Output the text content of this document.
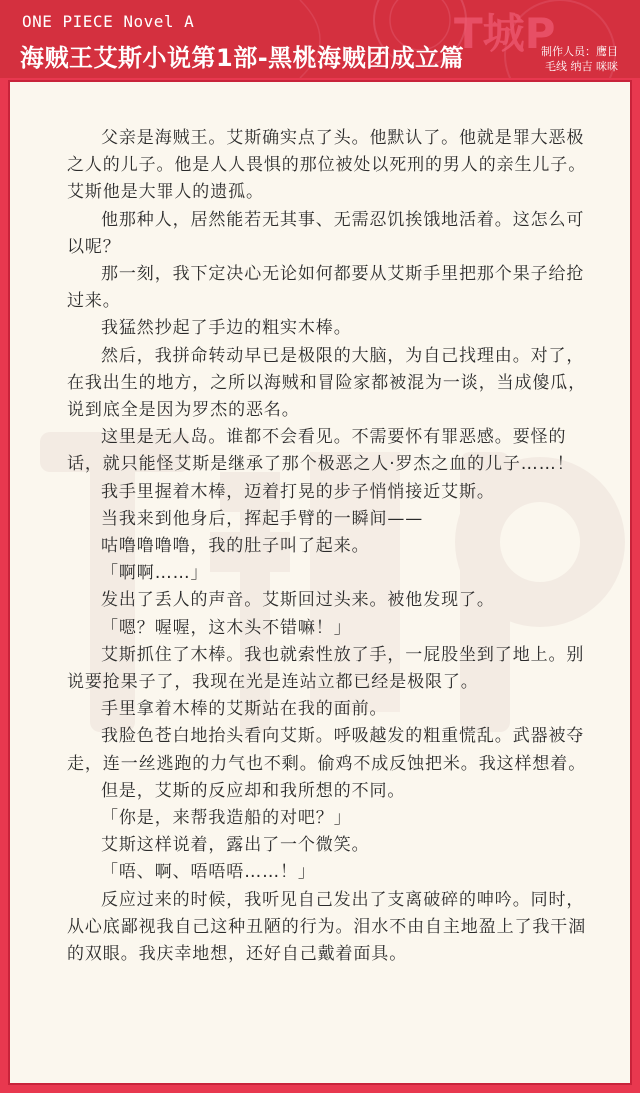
ONE PIECE Novel A
海贼王艾斯小说第1部-黑桃海贼团成立篇
T城P
制作人员：鹰目
毛线 纳吉 咪咪

父亲是海贼王。艾斯确实点了头。他默认了。他就是罪大恶极之人的儿子。他是人人畏惧的那位被处以死刑的男人的亲生儿子。艾斯他是大罪人的遗孤。

他那种人，居然能若无其事、无需忍饥挨饿地活着。这怎么可以呢？

那一刻，我下定决心无论如何都要从艾斯手里把那个果子给抢过来。

我猛然抄起了手边的粗实木棒。

然后，我拼命转动早已是极限的大脑，为自己找理由。对了，在我出生的地方，之所以海贼和冒险家都被混为一谈，当成傻瓜，说到底全是因为罗杰的恶名。

这里是无人岛。谁都不会看见。不需要怀有罪恶感。要怪的话，就只能怪艾斯是继承了那个极恶之人·罗杰之血的儿子……！

我手里握着木棒，迈着打晃的步子悄悄接近艾斯。

当我来到他身后，挥起手臂的一瞬间——

咕噜噜噜噜，我的肚子叫了起来。

「啊啊……」

发出了丢人的声音。艾斯回过头来。被他发现了。

「嗯？喔喔，这木头不错嘛！」

艾斯抓住了木棒。我也就索性放了手，一屁股坐到了地上。别说要抢果子了，我现在光是连站立都已经是极限了。

手里拿着木棒的艾斯站在我的面前。

我脸色苍白地抬头看向艾斯。呼吸越发的粗重慌乱。武器被夺走，连一丝逃跑的力气也不剩。偷鸡不成反蚀把米。我这样想着。

但是，艾斯的反应却和我所想的不同。

「你是，来帮我造船的对吧？」

艾斯这样说着，露出了一个微笑。

「唔、啊、唔唔唔……！」

反应过来的时候，我听见自己发出了支离破碎的呻吟。同时，从心底鄙视我自己这种丑陋的行为。泪水不由自主地盈上了我干涸的双眼。我庆幸地想，还好自己戴着面具。
